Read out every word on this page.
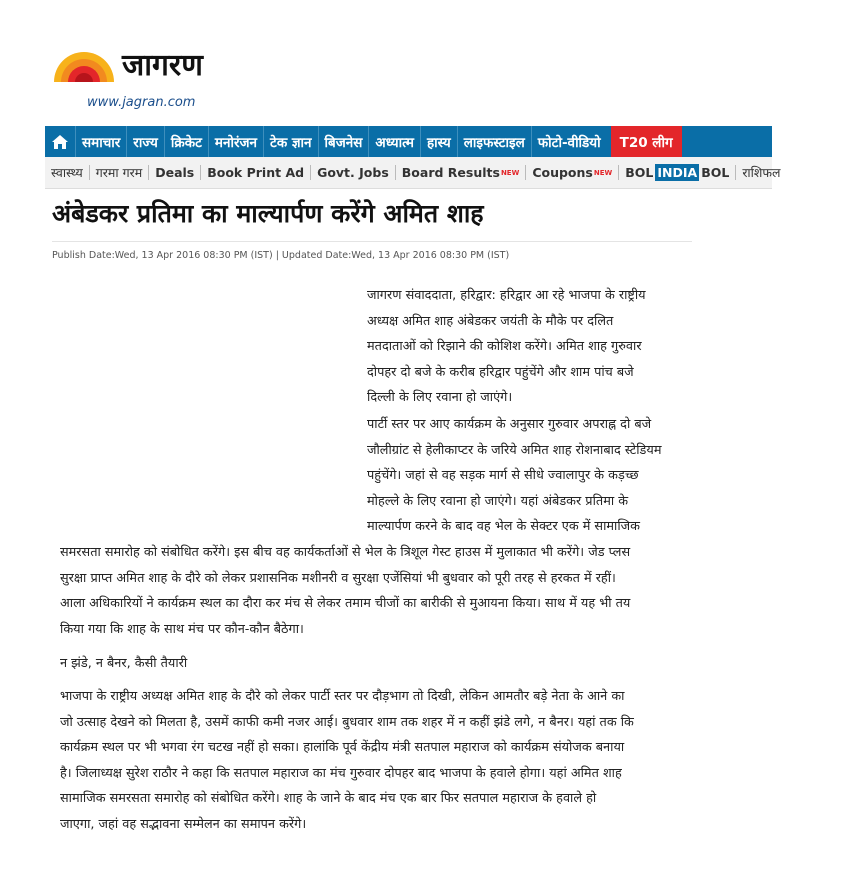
जागरण
www.jagran.com
समाचार राज्य क्रिकेट मनोरंजन टेक ज्ञान बिजनेस अध्यात्म हास्य लाइफस्टाइल फोटो-वीडियो	T20 लीग
स्वास्थ्य	गरमा गरम	Deals	Book Print Ad	Govt. Jobs	Board Results NEW Coupons NEW BOL INDIA BOL	राशिफल
अंबेडकर प्रतिमा का माल्यार्पण करेंगे अमित शाह
Publish Date:Wed, 13 Apr 2016 08:30 PM (IST) | Updated Date:Wed, 13 Apr 2016 08:30 PM (IST)
जागरण संवाददाता, हरिद्वार: हरिद्वार आ रहे भाजपा के राष्ट्रीय
अध्यक्ष अमित शाह अंबेडकर जयंती के मौके पर दलित
मतदाताओं को रिझाने की कोशिश करेंगे। अमित शाह गुरुवार
दोपहर दो बजे के करीब हरिद्वार पहुंचेंगे और शाम पांच बजे
दिल्ली के लिए रवाना हो जाएंगे।
पार्टी स्तर पर आए कार्यक्रम के अनुसार गुरुवार अपराह्न दो बजे
जौलीग्रांट से हेलीकाप्टर के जरिये अमित शाह रोशनाबाद स्टेडियम
पहुंचेंगे। जहां से वह सड़क मार्ग से सीधे ज्वालापुर के कड़च्छ
मोहल्ले के लिए रवाना हो जाएंगे। यहां अंबेडकर प्रतिमा के
माल्यार्पण करने के बाद वह भेल के सेक्टर एक में सामाजिक
समरसता समारोह को संबोधित करेंगे। इस बीच वह कार्यकर्ताओं से भेल के त्रिशूल गेस्ट हाउस में मुलाकात भी करेंगे। जेड प्लस
सुरक्षा प्राप्त अमित शाह के दौरे को लेकर प्रशासनिक मशीनरी व सुरक्षा एजेंसियां भी बुधवार को पूरी तरह से हरकत में रहीं।
आला अधिकारियों ने कार्यक्रम स्थल का दौरा कर मंच से लेकर तमाम चीजों का बारीकी से मुआयना किया। साथ में यह भी तय
किया गया कि शाह के साथ मंच पर कौन-कौन बैठेगा।
न झंडे, न बैनर, कैसी तैयारी
भाजपा के राष्ट्रीय अध्यक्ष अमित शाह के दौरे को लेकर पार्टी स्तर पर दौड़भाग तो दिखी, लेकिन आमतौर बड़े नेता के आने का
जो उत्साह देखने को मिलता है, उसमें काफी कमी नजर आई। बुधवार शाम तक शहर में न कहीं झंडे लगे, न बैनर। यहां तक कि
कार्यक्रम स्थल पर भी भगवा रंग चटख नहीं हो सका। हालांकि पूर्व केंद्रीय मंत्री सतपाल महाराज को कार्यक्रम संयोजक बनाया
है। जिलाध्यक्ष सुरेश राठौर ने कहा कि सतपाल महाराज का मंच गुरुवार दोपहर बाद भाजपा के हवाले होगा। यहां अमित शाह
सामाजिक समरसता समारोह को संबोधित करेंगे। शाह के जाने के बाद मंच एक बार फिर सतपाल महाराज के हवाले हो
जाएगा, जहां वह सद्भावना सम्मेलन का समापन करेंगे।
